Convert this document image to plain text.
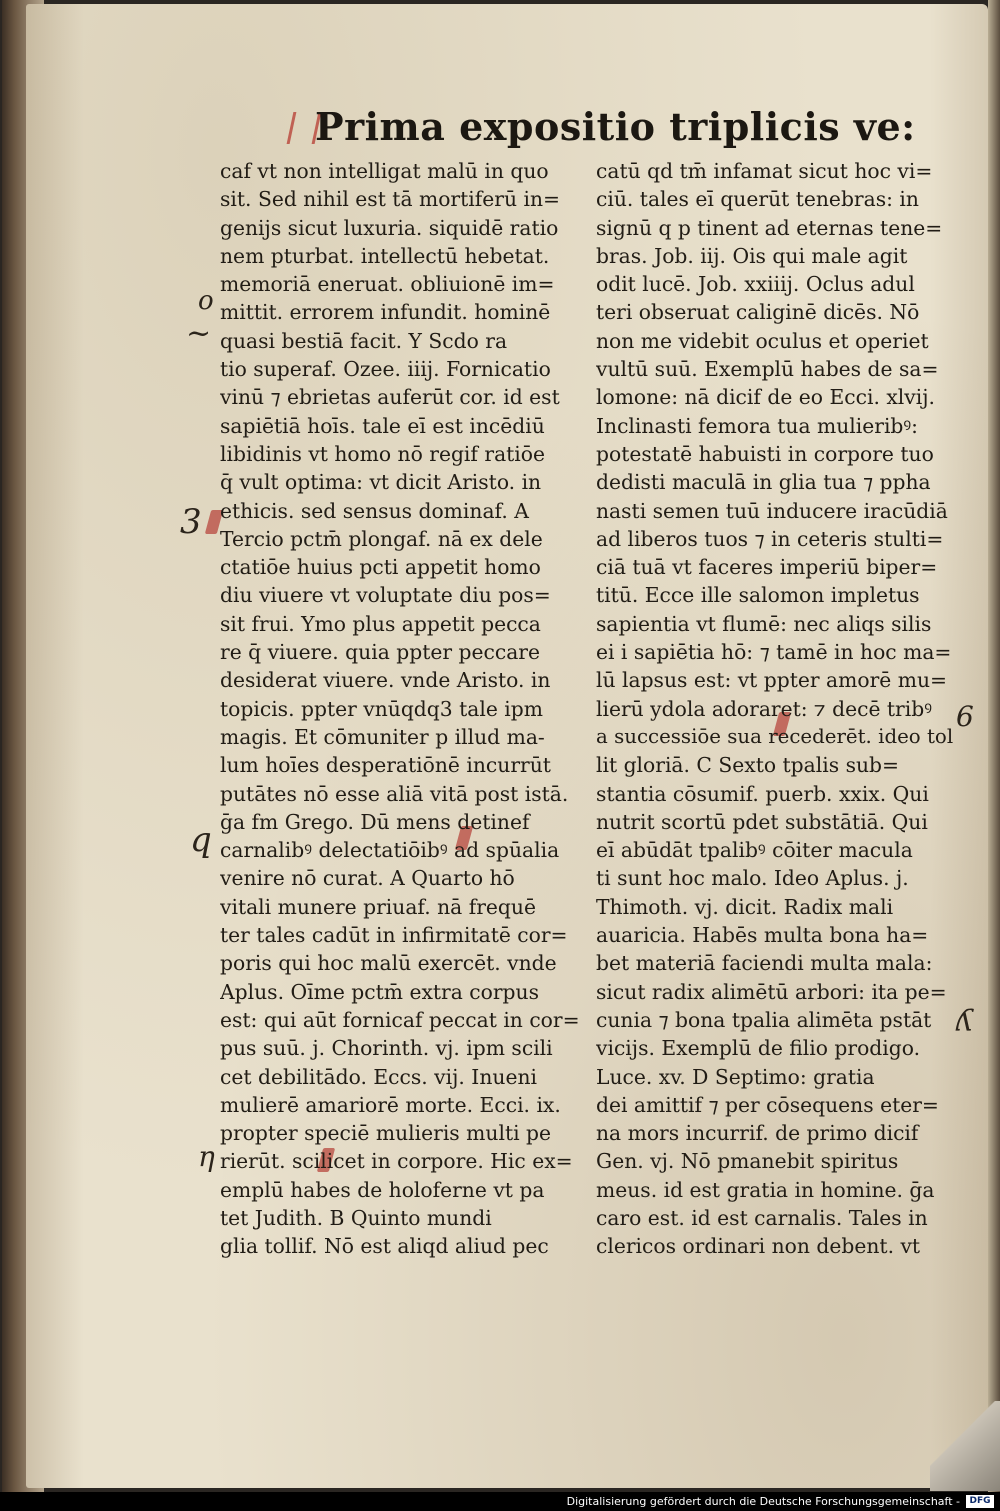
Prima expositio triplicis ve:
o
~
3
q
η
6
ʎ
caf vt non intelligat malū in quo
sit. Sed nihil est tā mortiferū in=
genijs sicut luxuria. siquidē ratio
nem pturbat. intellectū hebetat.
memoriā eneruat. obliuionē im=
mittit. errorem infundit. hominē
quasi bestiā facit. Y Scdo ra
tio superaf. Ozee. iiij. Fornicatio
vinū ⁊ ebrietas auferūt cor. id est
sapiētiā hoīs. tale eī est incēdiū
libidinis vt homo nō regif ratiōe
q̄ vult optima: vt dicit Aristo. in
ethicis. sed sensus dominaf. A
Tercio pctm̄ plongaf. nā ex dele
ctatiōe huius pcti appetit homo
diu viuere vt voluptate diu pos=
sit frui. Ymo plus appetit pecca
re q̄ viuere. quia ppter peccare
desiderat viuere. vnde Aristo. in
topicis. ppter vnūqdq3 tale ipm
magis. Et cōmuniter p illud ma-
lum hoīes desperatiōnē incurrūt
putātes nō esse aliā vitā post istā.
ḡa fm Grego. Dū mens detinef
carnalibꝰ delectatiōibꝰ ad spūalia
venire nō curat. A Quarto hō
vitali munere priuaf. nā frequē
ter tales cadūt in infirmitatē cor=
poris qui hoc malū exercēt. vnde
Aplus. Oīme pctm̄ extra corpus
est: qui aūt fornicaf peccat in cor=
pus suū. j. Chorinth. vj. ipm scili
cet debilitādo. Eccs. vij. Inueni
mulierē amariorē morte. Ecci. ix.
propter speciē mulieris multi pe
rierūt. scilicet in corpore. Hic ex=
emplū habes de holoferne vt pa
tet Judith. B Quinto mundi
glia tollif. Nō est aliqd aliud pec
catū qd tm̄ infamat sicut hoc vi=
ciū. tales eī querūt tenebras: in
signū q p tinent ad eternas tene=
bras. Job. iij. Ois qui male agit
odit lucē. Job. xxiiij. Oclus adul
teri obseruat caliginē dicēs. Nō
non me videbit oculus et operiet
vultū suū. Exemplū habes de sa=
lomone: nā dicif de eo Ecci. xlvij.
Inclinasti femora tua mulieribꝰ:
potestatē habuisti in corpore tuo
dedisti maculā in glia tua ⁊ ppha
nasti semen tuū inducere iracūdiā
ad liberos tuos ⁊ in ceteris stulti=
ciā tuā vt faceres imperiū biper=
titū. Ecce ille salomon impletus
sapientia vt flumē: nec aliqs silis
ei i sapiētia hō: ⁊ tamē in hoc ma=
lū lapsus est: vt ppter amorē mu=
lierū ydola adoraret: ⁊ decē tribꝰ
a successiōe sua recederēt. ideo tol
lit gloriā. C Sexto tpalis sub=
stantia cōsumif. puerb. xxix. Qui
nutrit scortū pdet substātiā. Qui
eī abūdāt tpalibꝰ cōiter macula
ti sunt hoc malo. Ideo Aplus. j.
Thimoth. vj. dicit. Radix mali
auaricia. Habēs multa bona ha=
bet materiā faciendi multa mala:
sicut radix alimētū arbori: ita pe=
cunia ⁊ bona tpalia alimēta pstāt
vicijs. Exemplū de filio prodigo.
Luce. xv. D Septimo: gratia
dei amittif ⁊ per cōsequens eter=
na mors incurrif. de primo dicif
Gen. vj. Nō pmanebit spiritus
meus. id est gratia in homine. ḡa
caro est. id est carnalis. Tales in
clericos ordinari non debent. vt
Digitalisierung gefördert durch die Deutsche Forschungsgemeinschaft -	DFG
